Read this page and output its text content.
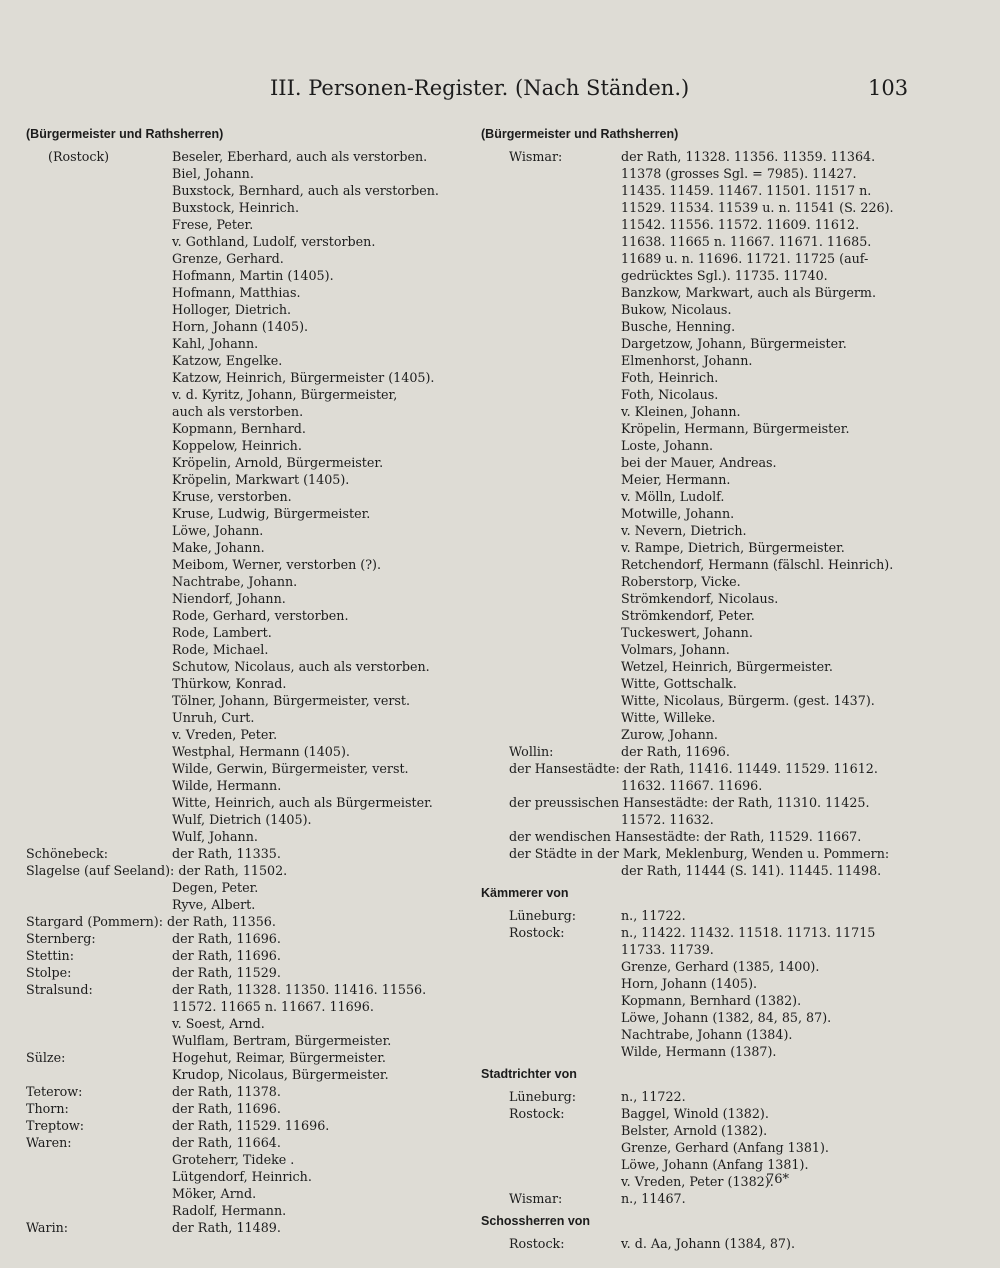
III. Personen-Register. (Nach Ständen.)	103
(Bürgermeister und Rathsherren)
(Rostock)	Beseler, Eberhard, auch als verstorben.
Biel, Johann.
Buxstock, Bernhard, auch als verstorben.
Buxstock, Heinrich.
Frese, Peter.
v. Gothland, Ludolf, verstorben.
Grenze, Gerhard.
Hofmann, Martin (1405).
Hofmann, Matthias.
Holloger, Dietrich.
Horn, Johann (1405).
Kahl, Johann.
Katzow, Engelke.
Katzow, Heinrich, Bürgermeister (1405).
v. d. Kyritz, Johann, Bürgermeister,
auch als verstorben.
Kopmann, Bernhard.
Koppelow, Heinrich.
Kröpelin, Arnold, Bürgermeister.
Kröpelin, Markwart (1405).
Kruse, verstorben.
Kruse, Ludwig, Bürgermeister.
Löwe, Johann.
Make, Johann.
Meibom, Werner, verstorben (?).
Nachtrabe, Johann.
Niendorf, Johann.
Rode, Gerhard, verstorben.
Rode, Lambert.
Rode, Michael.
Schutow, Nicolaus, auch als verstorben.
Thürkow, Konrad.
Tölner, Johann, Bürgermeister, verst.
Unruh, Curt.
v. Vreden, Peter.
Westphal, Hermann (1405).
Wilde, Gerwin, Bürgermeister, verst.
Wilde, Hermann.
Witte, Heinrich, auch als Bürgermeister.
Wulf, Dietrich (1405).
Wulf, Johann.
Schönebeck:	der Rath, 11335.
Slagelse (auf Seeland): der Rath, 11502.

Degen, Peter.
Ryve, Albert.
Stargard (Pommern): der Rath, 11356.

Sternberg:	der Rath, 11696.
Stettin:	der Rath, 11696.
Stolpe:	der Rath, 11529.
Stralsund:	der Rath, 11328. 11350. 11416. 11556.
11572. 11665 n. 11667. 11696.
v. Soest, Arnd.
Wulflam, Bertram, Bürgermeister.
Sülze:	Hogehut, Reimar, Bürgermeister.
Krudop, Nicolaus, Bürgermeister.
Teterow:	der Rath, 11378.
Thorn:	der Rath, 11696.
Treptow:	der Rath, 11529. 11696.
Waren:	der Rath, 11664.
Groteherr, Tideke .
Lütgendorf, Heinrich.
Möker, Arnd.
Radolf, Hermann.
Warin:	der Rath, 11489.
(Bürgermeister und Rathsherren)
Wismar:	der Rath, 11328. 11356. 11359. 11364.
11378 (grosses Sgl. = 7985). 11427.
11435. 11459. 11467. 11501. 11517 n.
11529. 11534. 11539 u. n. 11541 (S. 226).
11542. 11556. 11572. 11609. 11612.
11638. 11665 n. 11667. 11671. 11685.
11689 u. n. 11696. 11721. 11725 (auf-
gedrücktes Sgl.). 11735. 11740.
Banzkow, Markwart, auch als Bürgerm.
Bukow, Nicolaus.
Busche, Henning.
Dargetzow, Johann, Bürgermeister.
Elmenhorst, Johann.
Foth, Heinrich.
Foth, Nicolaus.
v. Kleinen, Johann.
Kröpelin, Hermann, Bürgermeister.
Loste, Johann.
bei der Mauer, Andreas.
Meier, Hermann.
v. Mölln, Ludolf.
Motwille, Johann.
v. Nevern, Dietrich.
v. Rampe, Dietrich, Bürgermeister.
Retchendorf, Hermann (fälschl. Heinrich).
Roberstorp, Vicke.
Strömkendorf, Nicolaus.
Strömkendorf, Peter.
Tuckeswert, Johann.
Volmars, Johann.
Wetzel, Heinrich, Bürgermeister.
Witte, Gottschalk.
Witte, Nicolaus, Bürgerm. (gest. 1437).
Witte, Willeke.
Zurow, Johann.
Wollin:	der Rath, 11696.
der Hansestädte: der Rath, 11416. 11449. 11529. 11612.

11632. 11667. 11696.
der preussischen Hansestädte: der Rath, 11310. 11425.

11572. 11632.
der wendischen Hansestädte: der Rath, 11529. 11667.

der Städte in der Mark, Meklenburg, Wenden u. Pommern:

der Rath, 11444 (S. 141). 11445. 11498.
Kämmerer von
Lüneburg:	n., 11722.
Rostock:	n., 11422. 11432. 11518. 11713. 11715
11733. 11739.
Grenze, Gerhard (1385, 1400).
Horn, Johann (1405).
Kopmann, Bernhard (1382).
Löwe, Johann (1382, 84, 85, 87).
Nachtrabe, Johann (1384).
Wilde, Hermann (1387).
Stadtrichter von
Lüneburg:	n., 11722.
Rostock:	Baggel, Winold (1382).
Belster, Arnold (1382).
Grenze, Gerhard (Anfang 1381).
Löwe, Johann (Anfang 1381).
v. Vreden, Peter (1382).
Wismar:	n., 11467.
Schossherren von
Rostock:	v. d. Aa, Johann (1384, 87).
76*
